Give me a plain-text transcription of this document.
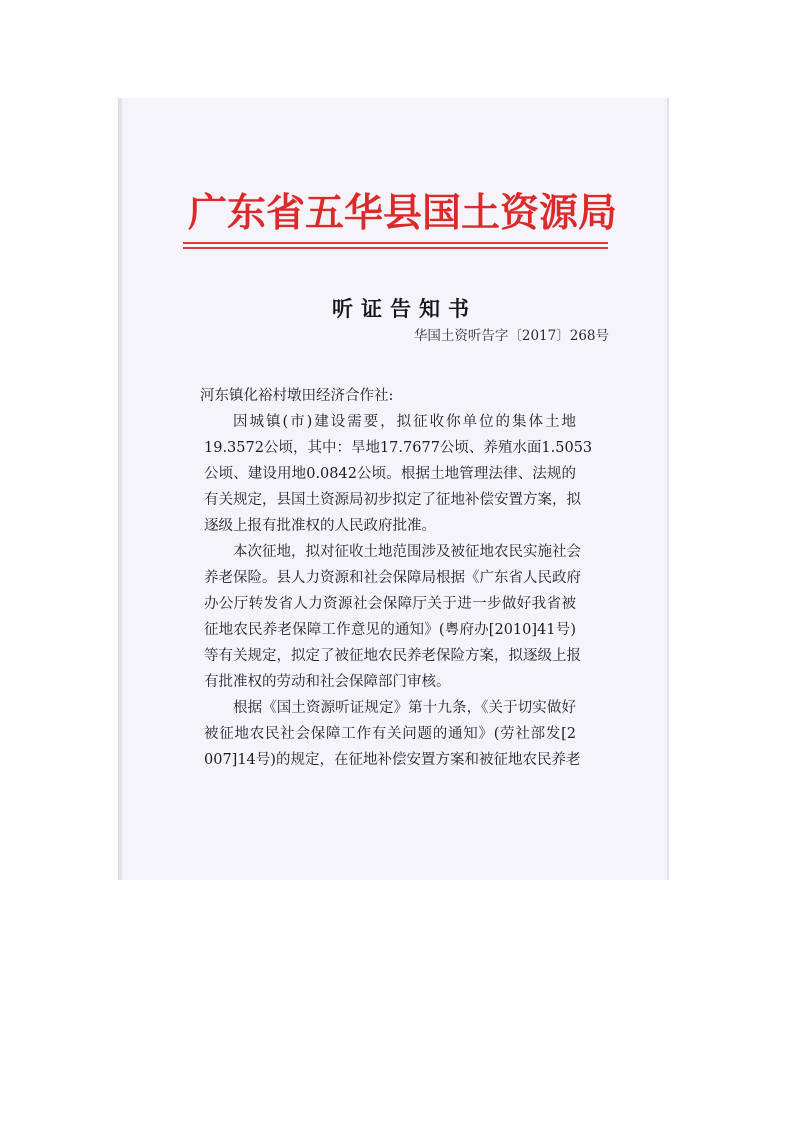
广东省五华县国土资源局
听证告知书
华国土资听告字〔2017〕268号

河东镇化裕村墩田经济合作社:

因城镇(市)建设需要，拟征收你单位的集体土地
19.3572公顷，其中：旱地17.7677公顷、养殖水面1.5053
公顷、建设用地0.0842公顷。根据土地管理法律、法规的
有关规定，县国土资源局初步拟定了征地补偿安置方案，拟
逐级上报有批准权的人民政府批准。

本次征地，拟对征收土地范围涉及被征地农民实施社会
养老保险。县人力资源和社会保障局根据《广东省人民政府
办公厅转发省人力资源社会保障厅关于进一步做好我省被
征地农民养老保障工作意见的通知》(粤府办[2010]41号)
等有关规定，拟定了被征地农民养老保险方案，拟逐级上报
有批准权的劳动和社会保障部门审核。

根据《国土资源听证规定》第十九条，《关于切实做好
被征地农民社会保障工作有关问题的通知》(劳社部发[2
007]14号)的规定，在征地补偿安置方案和被征地农民养老
